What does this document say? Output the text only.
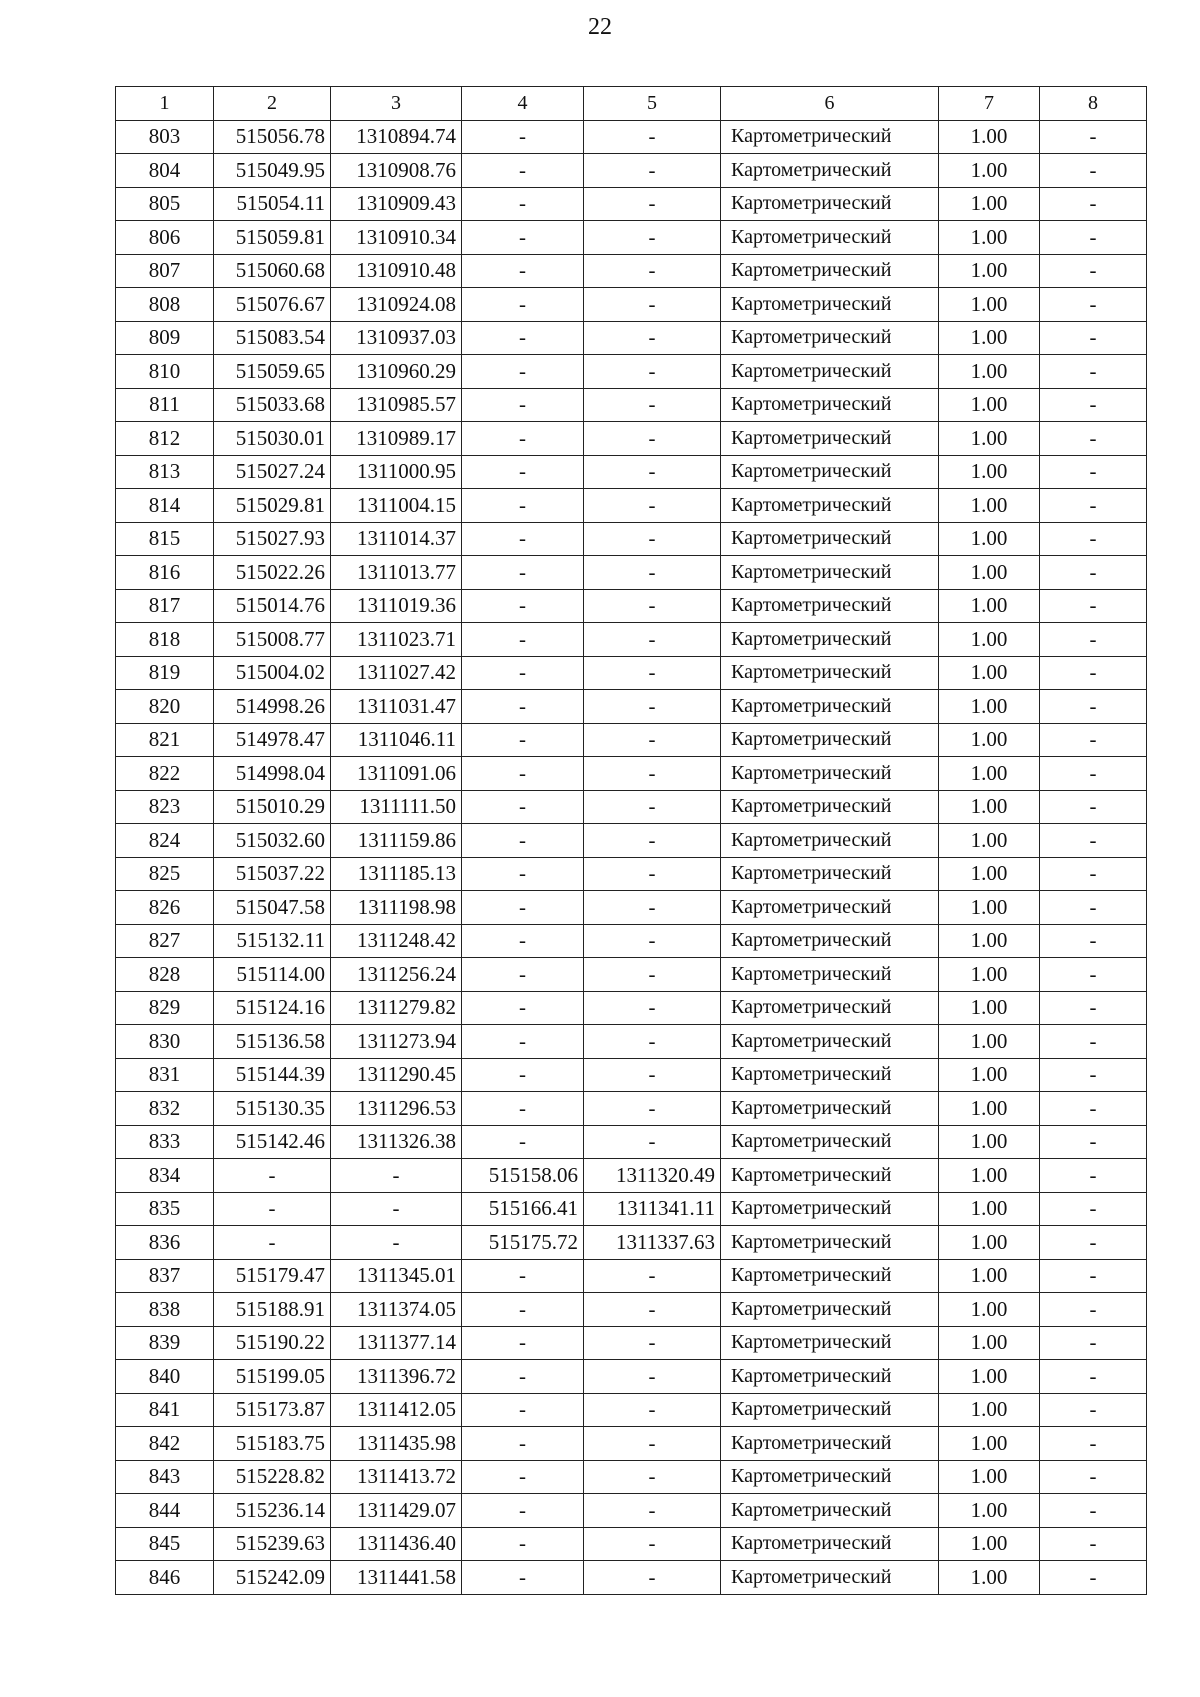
22
1	2	3	4	5	6	7	8
803	515056.78	1310894.74	-	-	Картометрический	1.00	-
804	515049.95	1310908.76	-	-	Картометрический	1.00	-
805	515054.11	1310909.43	-	-	Картометрический	1.00	-
806	515059.81	1310910.34	-	-	Картометрический	1.00	-
807	515060.68	1310910.48	-	-	Картометрический	1.00	-
808	515076.67	1310924.08	-	-	Картометрический	1.00	-
809	515083.54	1310937.03	-	-	Картометрический	1.00	-
810	515059.65	1310960.29	-	-	Картометрический	1.00	-
811	515033.68	1310985.57	-	-	Картометрический	1.00	-
812	515030.01	1310989.17	-	-	Картометрический	1.00	-
813	515027.24	1311000.95	-	-	Картометрический	1.00	-
814	515029.81	1311004.15	-	-	Картометрический	1.00	-
815	515027.93	1311014.37	-	-	Картометрический	1.00	-
816	515022.26	1311013.77	-	-	Картометрический	1.00	-
817	515014.76	1311019.36	-	-	Картометрический	1.00	-
818	515008.77	1311023.71	-	-	Картометрический	1.00	-
819	515004.02	1311027.42	-	-	Картометрический	1.00	-
820	514998.26	1311031.47	-	-	Картометрический	1.00	-
821	514978.47	1311046.11	-	-	Картометрический	1.00	-
822	514998.04	1311091.06	-	-	Картометрический	1.00	-
823	515010.29	1311111.50	-	-	Картометрический	1.00	-
824	515032.60	1311159.86	-	-	Картометрический	1.00	-
825	515037.22	1311185.13	-	-	Картометрический	1.00	-
826	515047.58	1311198.98	-	-	Картометрический	1.00	-
827	515132.11	1311248.42	-	-	Картометрический	1.00	-
828	515114.00	1311256.24	-	-	Картометрический	1.00	-
829	515124.16	1311279.82	-	-	Картометрический	1.00	-
830	515136.58	1311273.94	-	-	Картометрический	1.00	-
831	515144.39	1311290.45	-	-	Картометрический	1.00	-
832	515130.35	1311296.53	-	-	Картометрический	1.00	-
833	515142.46	1311326.38	-	-	Картометрический	1.00	-
834	-	-	515158.06	1311320.49	Картометрический	1.00	-
835	-	-	515166.41	1311341.11	Картометрический	1.00	-
836	-	-	515175.72	1311337.63	Картометрический	1.00	-
837	515179.47	1311345.01	-	-	Картометрический	1.00	-
838	515188.91	1311374.05	-	-	Картометрический	1.00	-
839	515190.22	1311377.14	-	-	Картометрический	1.00	-
840	515199.05	1311396.72	-	-	Картометрический	1.00	-
841	515173.87	1311412.05	-	-	Картометрический	1.00	-
842	515183.75	1311435.98	-	-	Картометрический	1.00	-
843	515228.82	1311413.72	-	-	Картометрический	1.00	-
844	515236.14	1311429.07	-	-	Картометрический	1.00	-
845	515239.63	1311436.40	-	-	Картометрический	1.00	-
846	515242.09	1311441.58	-	-	Картометрический	1.00	-
